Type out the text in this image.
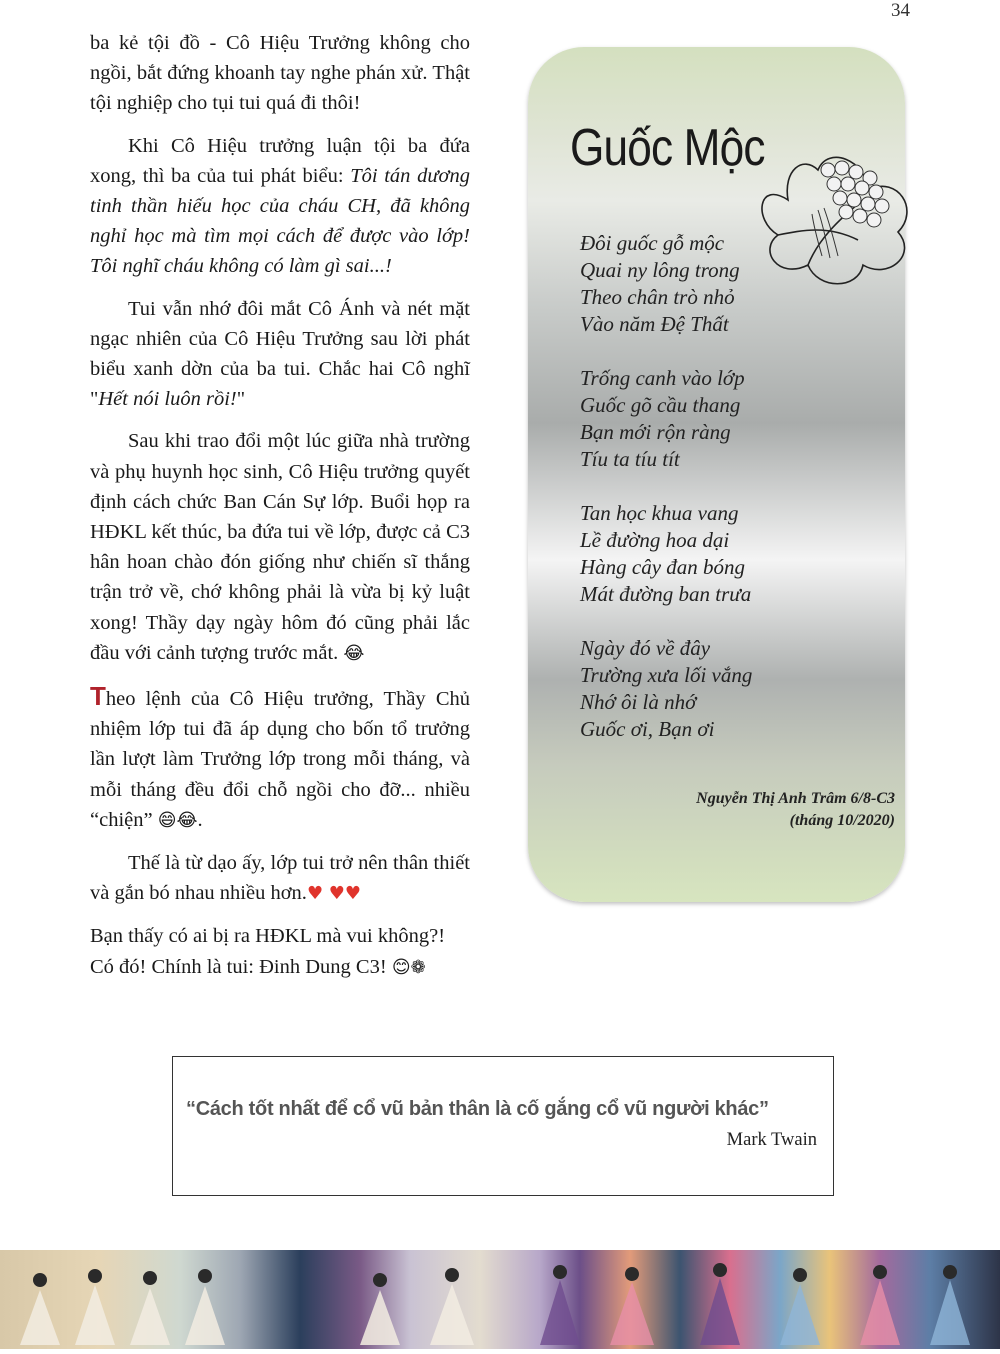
34

ba kẻ tội đồ - Cô Hiệu Trưởng không cho ngồi, bắt đứng khoanh tay nghe phán xử. Thật tội nghiệp cho tụi tui quá đi thôi!

Khi Cô Hiệu trưởng luận tội ba đứa xong, thì ba của tui phát biểu: Tôi tán dương tinh thần hiếu học của cháu CH, đã không nghỉ học mà tìm mọi cách để được vào lớp! Tôi nghĩ cháu không có làm gì sai...!

Tui vẫn nhớ đôi mắt Cô Ánh và nét mặt ngạc nhiên của Cô Hiệu Trưởng sau lời phát biểu xanh dờn của ba tui. Chắc hai Cô nghĩ "Hết nói luôn rồi!"

Sau khi trao đổi một lúc giữa nhà trường và phụ huynh học sinh, Cô Hiệu trưởng quyết định cách chức Ban Cán Sự lớp. Buổi họp ra HĐKL kết thúc, ba đứa tui về lớp, được cả C3 hân hoan chào đón giống như chiến sĩ thắng trận trở về, chớ không phải là vừa bị kỷ luật xong! Thầy dạy ngày hôm đó cũng phải lắc đầu với cảnh tượng trước mắt. 😂

Theo lệnh của Cô Hiệu trưởng, Thầy Chủ nhiệm lớp tui đã áp dụng cho bốn tổ trưởng lần lượt làm Trưởng lớp trong mỗi tháng, và mỗi tháng đều đổi chỗ ngồi cho đỡ... nhiều “chiện” 😄😂.

Thế là từ dạo ấy, lớp tui trở nên thân thiết và gắn bó nhau nhiều hơn.♥ ♥♥

Bạn thấy có ai bị ra HĐKL mà vui không?! Có đó! Chính là tui: Đinh Dung C3! 😊❁

Guốc Mộc
Đôi guốc gỗ mộc
Quai ny lông trong
Theo chân trò nhỏ
Vào năm Đệ Thất
Trống canh vào lớp
Guốc gõ cầu thang
Bạn mới rộn ràng
Tíu ta tíu tít
Tan học khua vang
Lề đường hoa dại
Hàng cây đan bóng
Mát đường ban trưa
Ngày đó về đây
Trường xưa lối vắng
Nhớ ôi là nhớ
Guốc ơi, Bạn ơi
Nguyễn Thị Anh Trâm 6/8-C3
(tháng 10/2020)
“Cách tốt nhất để cổ vũ bản thân là cố gắng cổ vũ người khác”
Mark Twain
